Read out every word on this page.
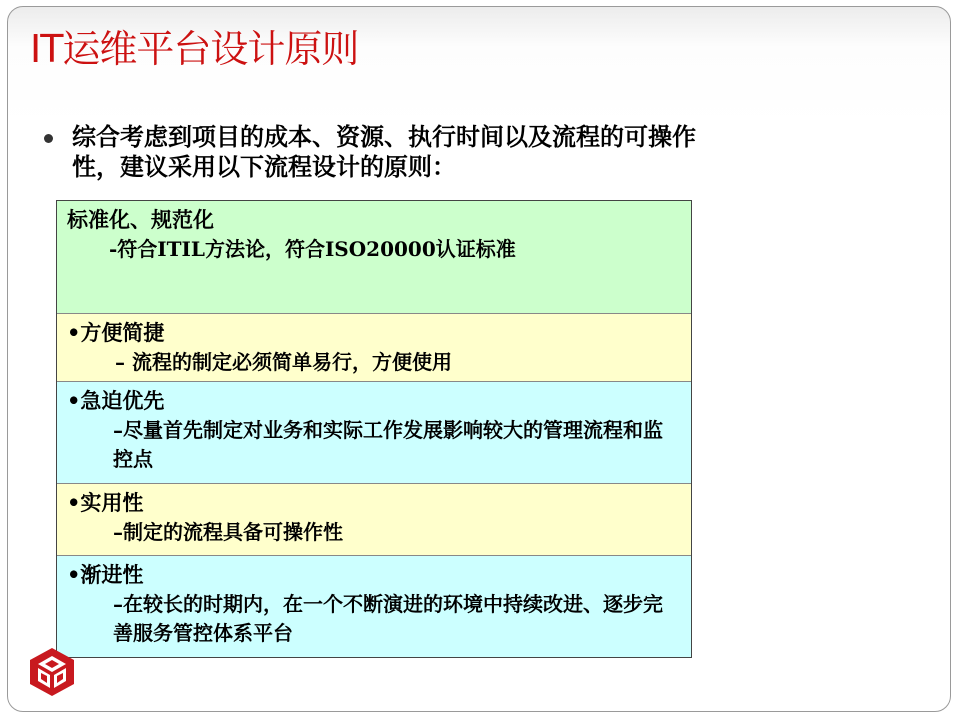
IT运维平台设计原则
综合考虑到项目的成本、资源、执行时间以及流程的可操作性，建议采用以下流程设计的原则：
标准化、规范化
-符合ITIL方法论，符合ISO20000认证标准
•方便简捷
– 流程的制定必须简单易行，方便使用
•急迫优先
–尽量首先制定对业务和实际工作发展影响较大的管理流程和监控点
•实用性
–制定的流程具备可操作性
•渐进性
–在较长的时期内，在一个不断演进的环境中持续改进、逐步完善服务管控体系平台
